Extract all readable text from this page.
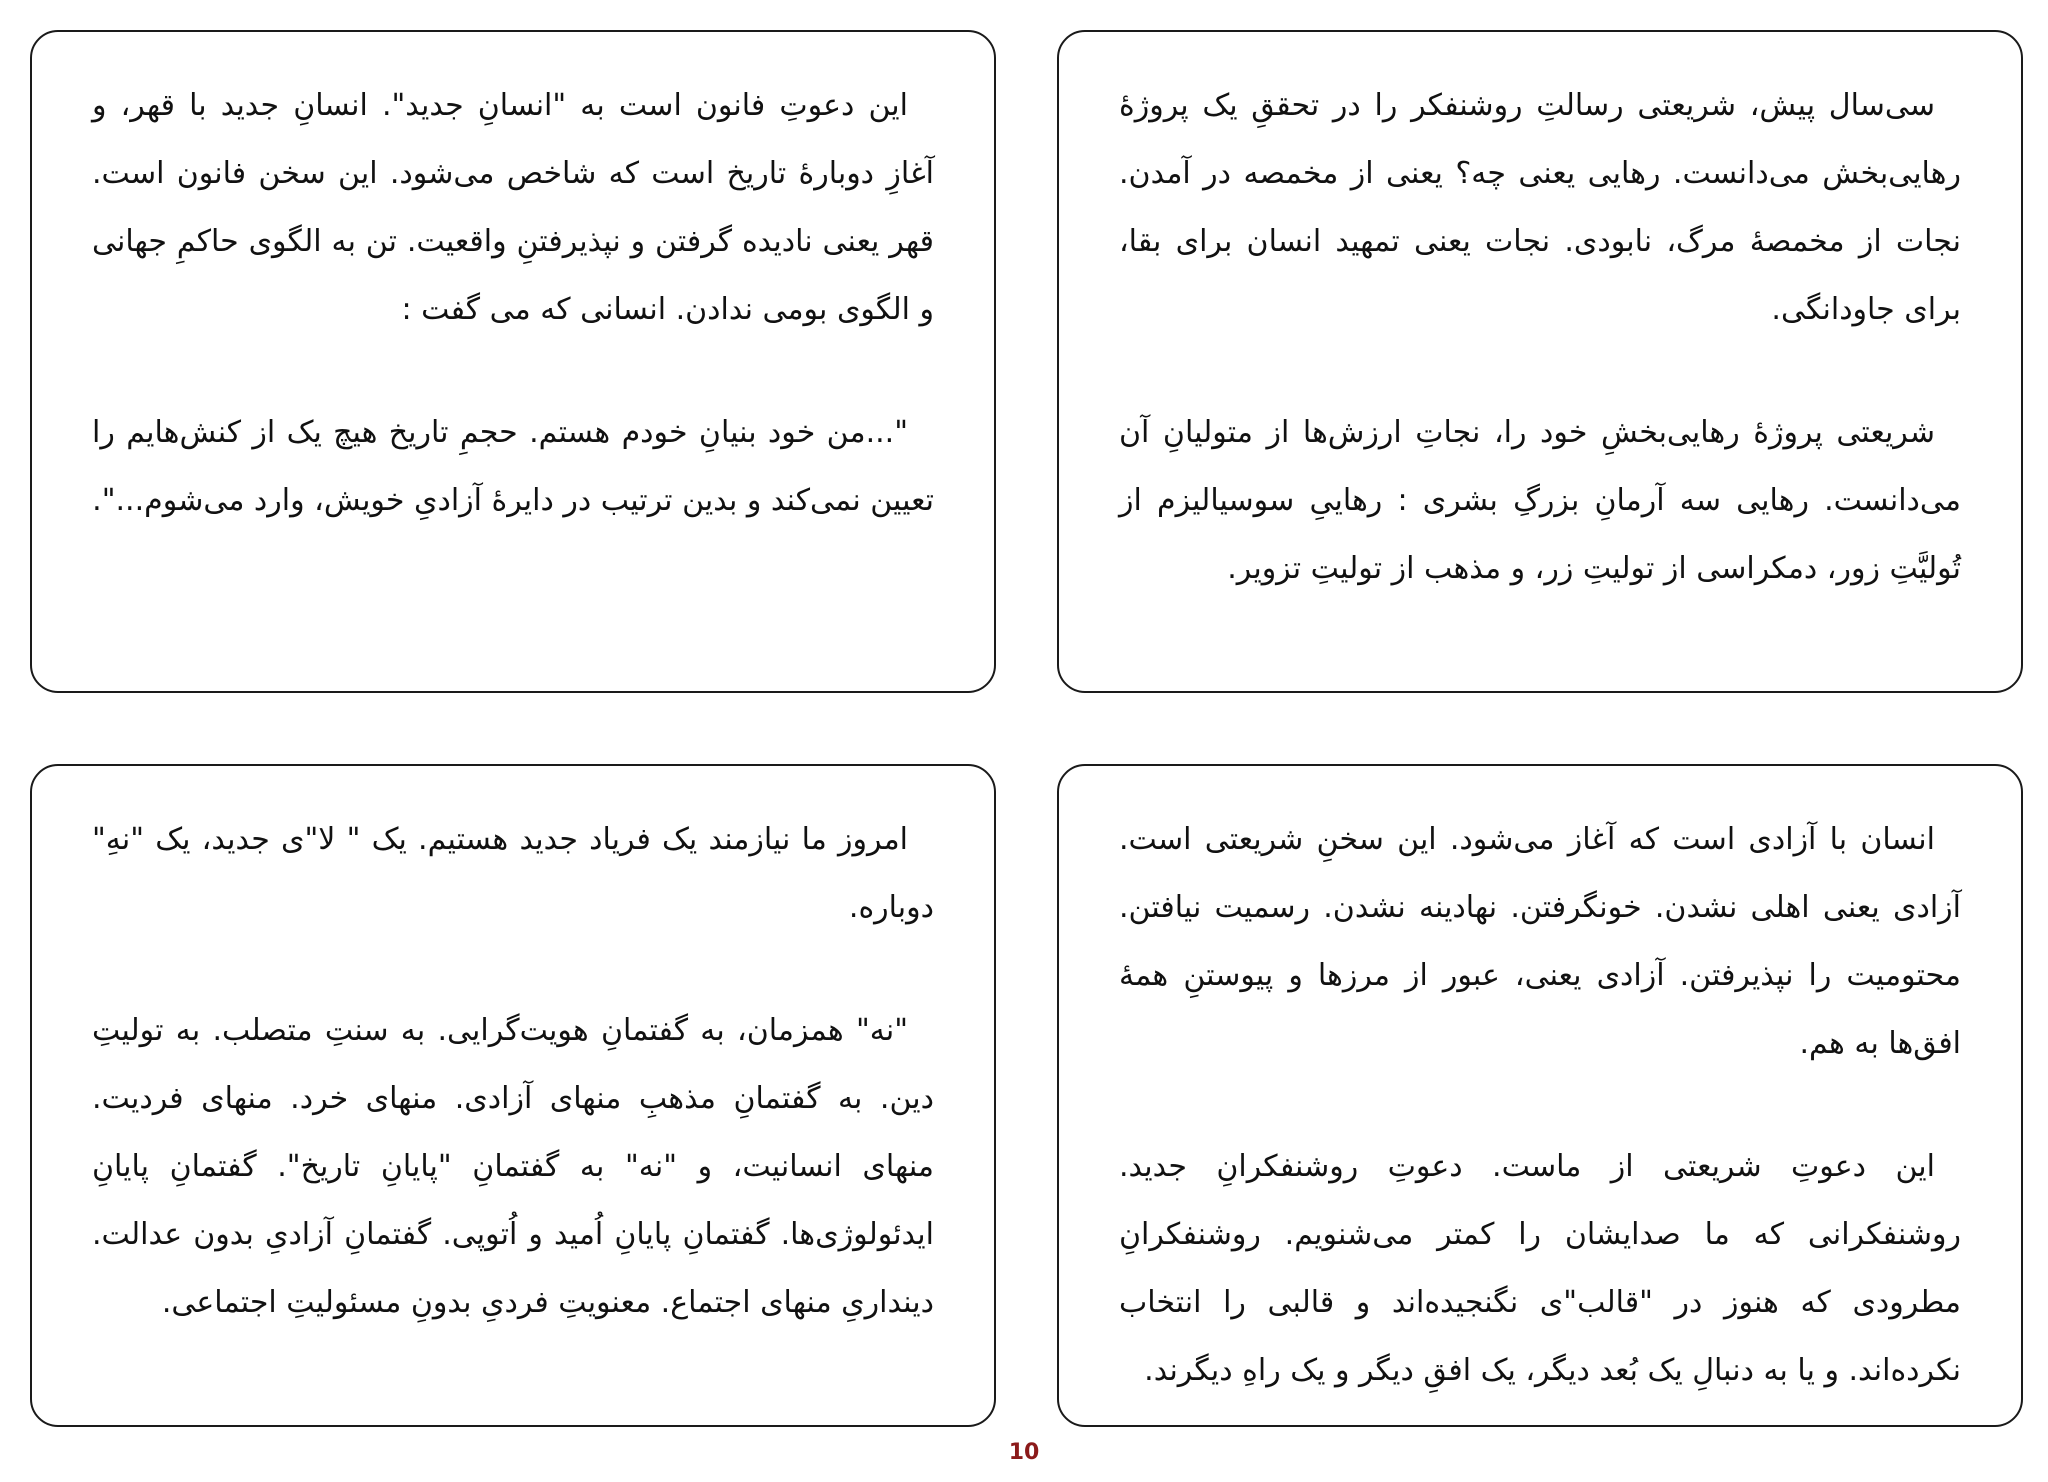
این دعوتِ فانون است به "انسانِ جدید". انسانِ جدید با قهر، و آغازِ دوبارهٔ تاریخ است که شاخص می‌شود. این سخن فانون است. قهر یعنی نادیده گرفتن و نپذیرفتنِ واقعیت. تن به الگوی حاکمِ جهانی و الگوی بومی ندادن. انسانی که می گفت :

"...من خود بنیانِ خودم هستم. حجمِ تاریخ هیچ یک از کنش‌هایم را تعیین نمی‌کند و بدین ترتیب در دایرهٔ آزادیِ خویش، وارد می‌شوم...".

سی‌سال پیش، شریعتی رسالتِ روشنفکر را در تحققِ یک پروژهٔ رهایی‌بخش می‌دانست. رهایی یعنی چه؟ یعنی از مخمصه در آمدن. نجات از مخمصهٔ مرگ، نابودی. نجات یعنی تمهید انسان برای بقا، برای جاودانگی.

شریعتی پروژهٔ رهایی‌بخشِ خود را، نجاتِ ارزش‌ها از متولیانِ آن می‌دانست. رهایی سه آرمانِ بزرگِ بشری : رهاییِ سوسیالیزم از تُولیَّتِ زور، دمکراسی از تولیتِ زر، و مذهب از تولیتِ تزویر.

امروز ما نیازمند یک فریاد جدید هستیم. یک " لا"ی جدید، یک "نهِ" دوباره.

"نه" همزمان، به گفتمانِ هویت‌گرایی. به سنتِ متصلب. به تولیتِ دین. به گفتمانِ مذهبِ منهای آزادی. منهای خرد. منهای فردیت. منهای انسانیت، و "نه" به گفتمانِ "پایانِ تاریخ". گفتمانِ پایانِ ایدئولوژی‌ها. گفتمانِ پایانِ اُمید و اُتوپی. گفتمانِ آزادیِ بدون عدالت. دینداریِ منهای اجتماع. معنویتِ فردیِ بدونِ مسئولیتِ اجتماعی.

انسان با آزادی است که آغاز می‌شود. این سخنِ شریعتی است. آزادی یعنی اهلی نشدن. خونگرفتن. نهادینه نشدن. رسمیت نیافتن. محتومیت را نپذیرفتن. آزادی یعنی، عبور از مرزها و پیوستنِ همهٔ افق‌ها به هم.

این دعوتِ شریعتی از ماست. دعوتِ روشنفکرانِ جدید. روشنفکرانی که ما صدایشان را کمتر می‌شنویم. روشنفکرانِ مطرودی که هنوز در "قالب"ی نگنجیده‌اند و قالبی را انتخاب نکرده‌اند. و یا به دنبالِ یک بُعد دیگر، یک افقِ دیگر و یک راهِ دیگرند.

10
